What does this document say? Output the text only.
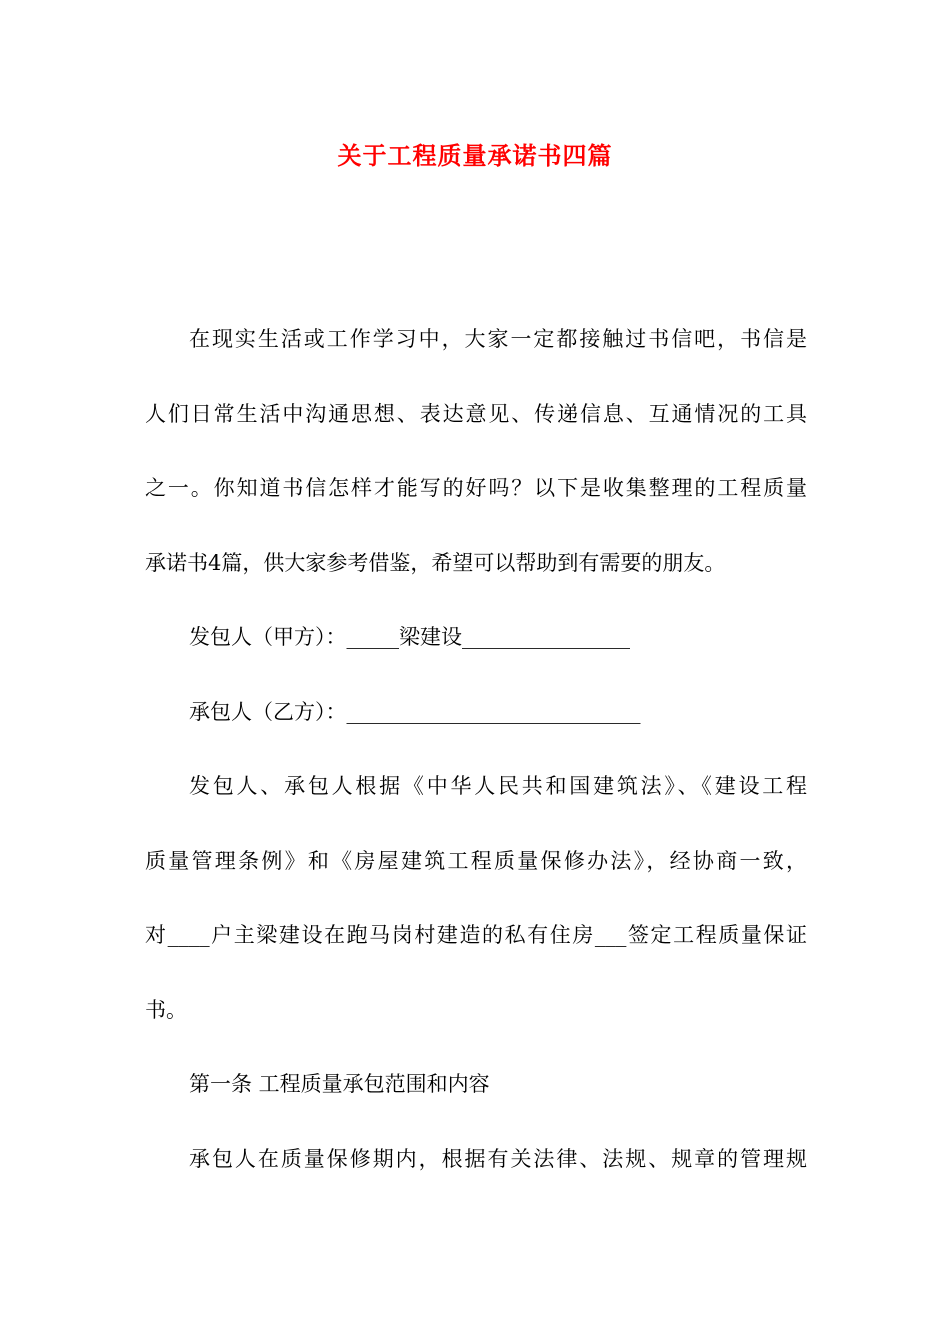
关于工程质量承诺书四篇
在现实生活或工作学习中，大家一定都接触过书信吧，书信是
人们日常生活中沟通思想、表达意见、传递信息、互通情况的工具
之一。你知道书信怎样才能写的好吗？以下是收集整理的工程质量
承诺书4篇，供大家参考借鉴，希望可以帮助到有需要的朋友。
发包人（甲方）：_____梁建设________________
承包人（乙方）：____________________________
发包人、承包人根据《中华人民共和国建筑法》、《建设工程
质量管理条例》和《房屋建筑工程质量保修办法》，经协商一致，
对____户主梁建设在跑马岗村建造的私有住房___签定工程质量保证
书。
第一条 工程质量承包范围和内容
承包人在质量保修期内，根据有关法律、法规、规章的管理规
